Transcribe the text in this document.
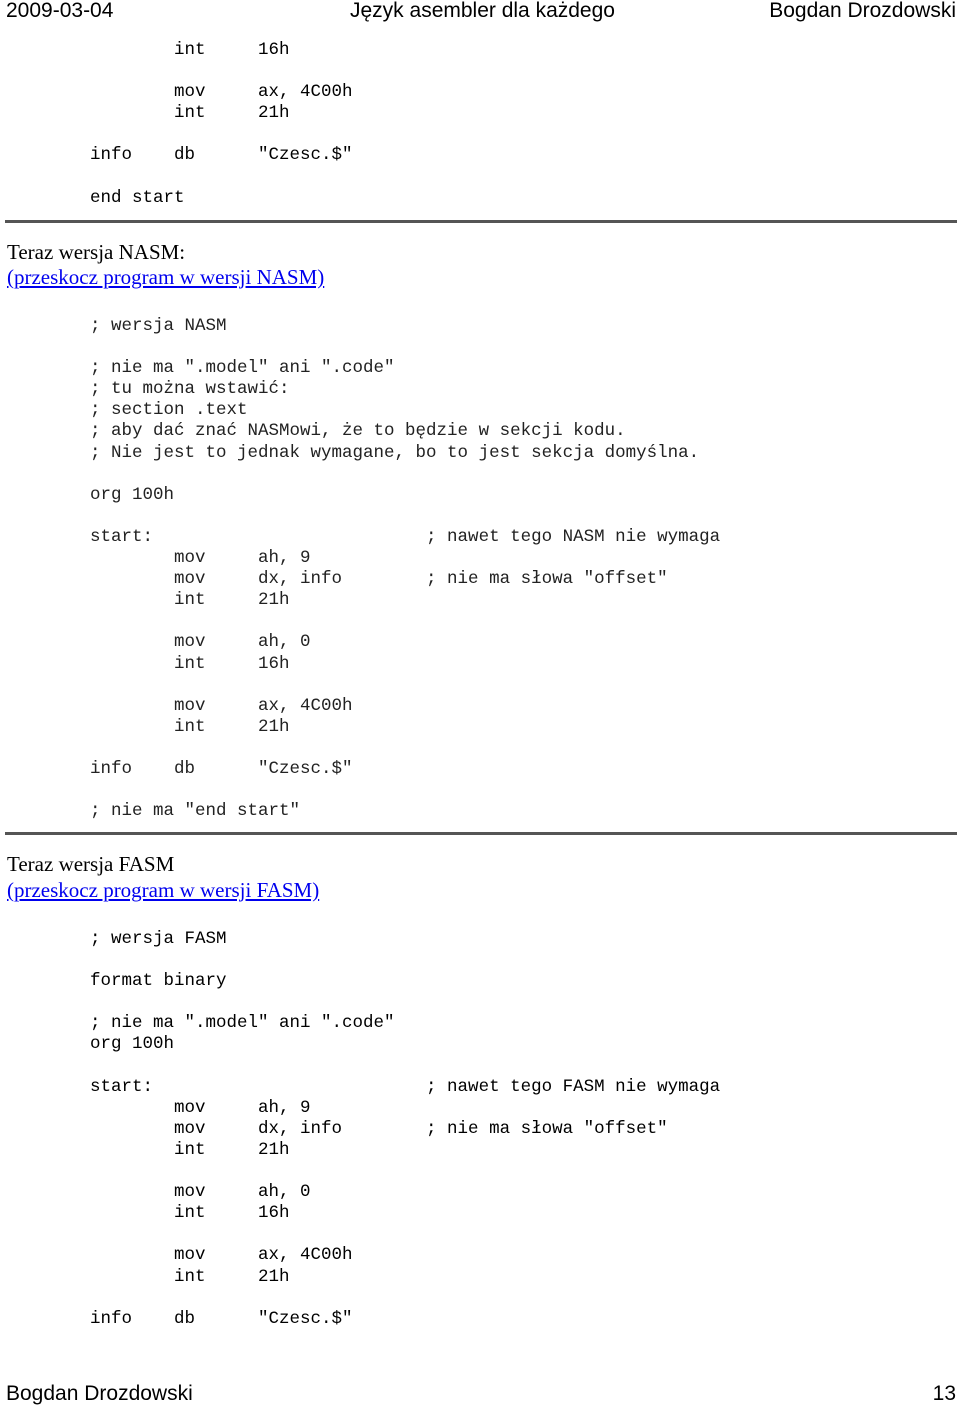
2009-03-04	Język asembler dla każdego	Bogdan Drozdowski
int     16h

mov     ax, 4C00h
int     21h

info    db      "Czesc.$"

end start
Teraz wersja NASM:
(przeskocz program w wersji NASM)
; wersja NASM

; nie ma ".model" ani ".code"
; tu można wstawić:
; section .text
; aby dać znać NASMowi, że to będzie w sekcji kodu.
; Nie jest to jednak wymagane, bo to jest sekcja domyślna.

org 100h

start:                          ; nawet tego NASM nie wymaga
mov     ah, 9
mov     dx, info        ; nie ma słowa "offset"
int     21h

mov     ah, 0
int     16h

mov     ax, 4C00h
int     21h

info    db      "Czesc.$"

; nie ma "end start"
Teraz wersja FASM
(przeskocz program w wersji FASM)
; wersja FASM

format binary

; nie ma ".model" ani ".code"
org 100h

start:                          ; nawet tego FASM nie wymaga
mov     ah, 9
mov     dx, info        ; nie ma słowa "offset"
int     21h

mov     ah, 0
int     16h

mov     ax, 4C00h
int     21h

info    db      "Czesc.$"
Bogdan Drozdowski	13
